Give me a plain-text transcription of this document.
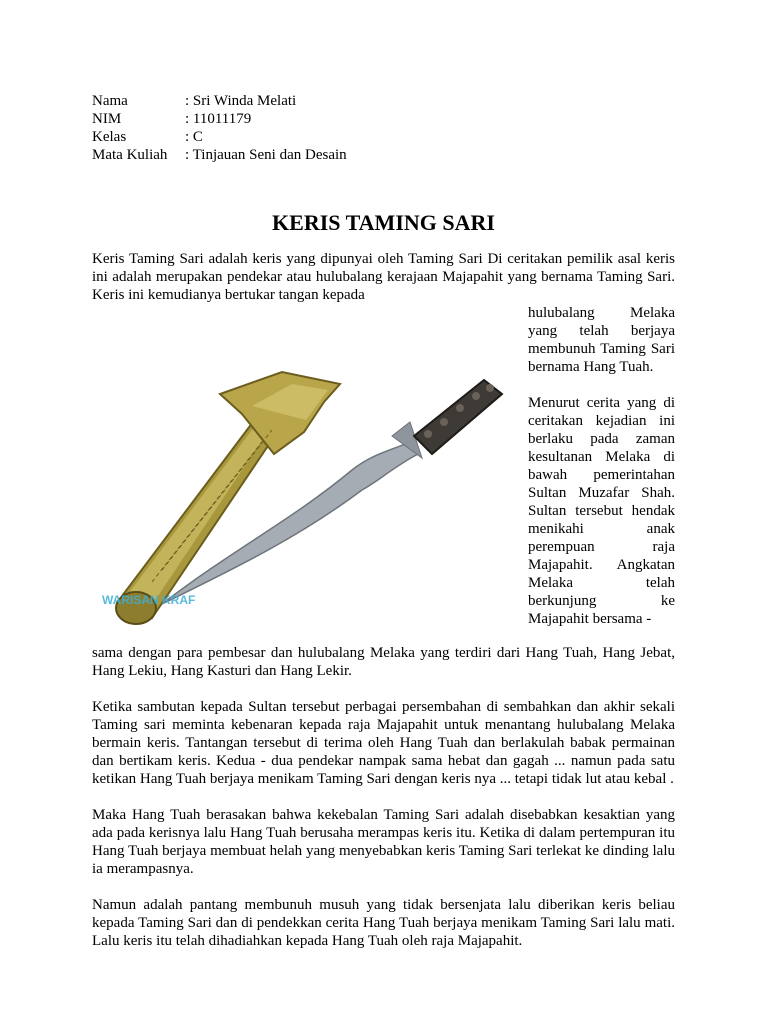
Nama	: Sri Winda Melati
NIM	: 11011179
Kelas	: C
Mata Kuliah	: Tinjauan Seni dan Desain
KERIS TAMING SARI

Keris Taming Sari adalah keris yang dipunyai oleh Taming Sari Di ceritakan pemilik asal keris ini adalah merupakan pendekar atau hulubalang kerajaan Majapahit yang bernama Taming Sari. Keris ini kemudianya bertukar tangan kepada

WARISAN KRAF

hulubalang Melaka yang telah berjaya membunuh Taming Sari bernama Hang Tuah.

Menurut cerita yang di ceritakan kejadian ini berlaku pada zaman kesultanan Melaka di bawah pemerintahan Sultan Muzafar Shah. Sultan tersebut hendak menikahi anak perempuan raja Majapahit. Angkatan Melaka telah berkunjung ke Majapahit bersama -

sama dengan para pembesar dan hulubalang Melaka yang terdiri dari Hang Tuah, Hang Jebat, Hang Lekiu, Hang Kasturi dan Hang Lekir.

Ketika sambutan kepada Sultan tersebut perbagai persembahan di sembahkan dan akhir sekali Taming sari meminta kebenaran kepada raja Majapahit untuk menantang hulubalang Melaka bermain keris. Tantangan tersebut di terima oleh Hang Tuah dan berlakulah babak permainan dan bertikam keris. Kedua - dua pendekar nampak sama hebat dan gagah ... namun pada satu ketikan Hang Tuah berjaya menikam Taming Sari dengan keris nya ... tetapi tidak lut atau kebal .

Maka Hang Tuah berasakan bahwa kekebalan Taming Sari adalah disebabkan kesaktian yang ada pada kerisnya lalu Hang Tuah berusaha merampas keris itu. Ketika di dalam pertempuran itu Hang Tuah berjaya membuat helah yang menyebabkan keris Taming Sari terlekat ke dinding lalu ia merampasnya.

Namun adalah pantang membunuh musuh yang tidak bersenjata lalu diberikan keris beliau kepada Taming Sari dan di pendekkan cerita Hang Tuah berjaya menikam Taming Sari lalu mati. Lalu keris itu telah dihadiahkan kepada Hang Tuah oleh raja Majapahit.
